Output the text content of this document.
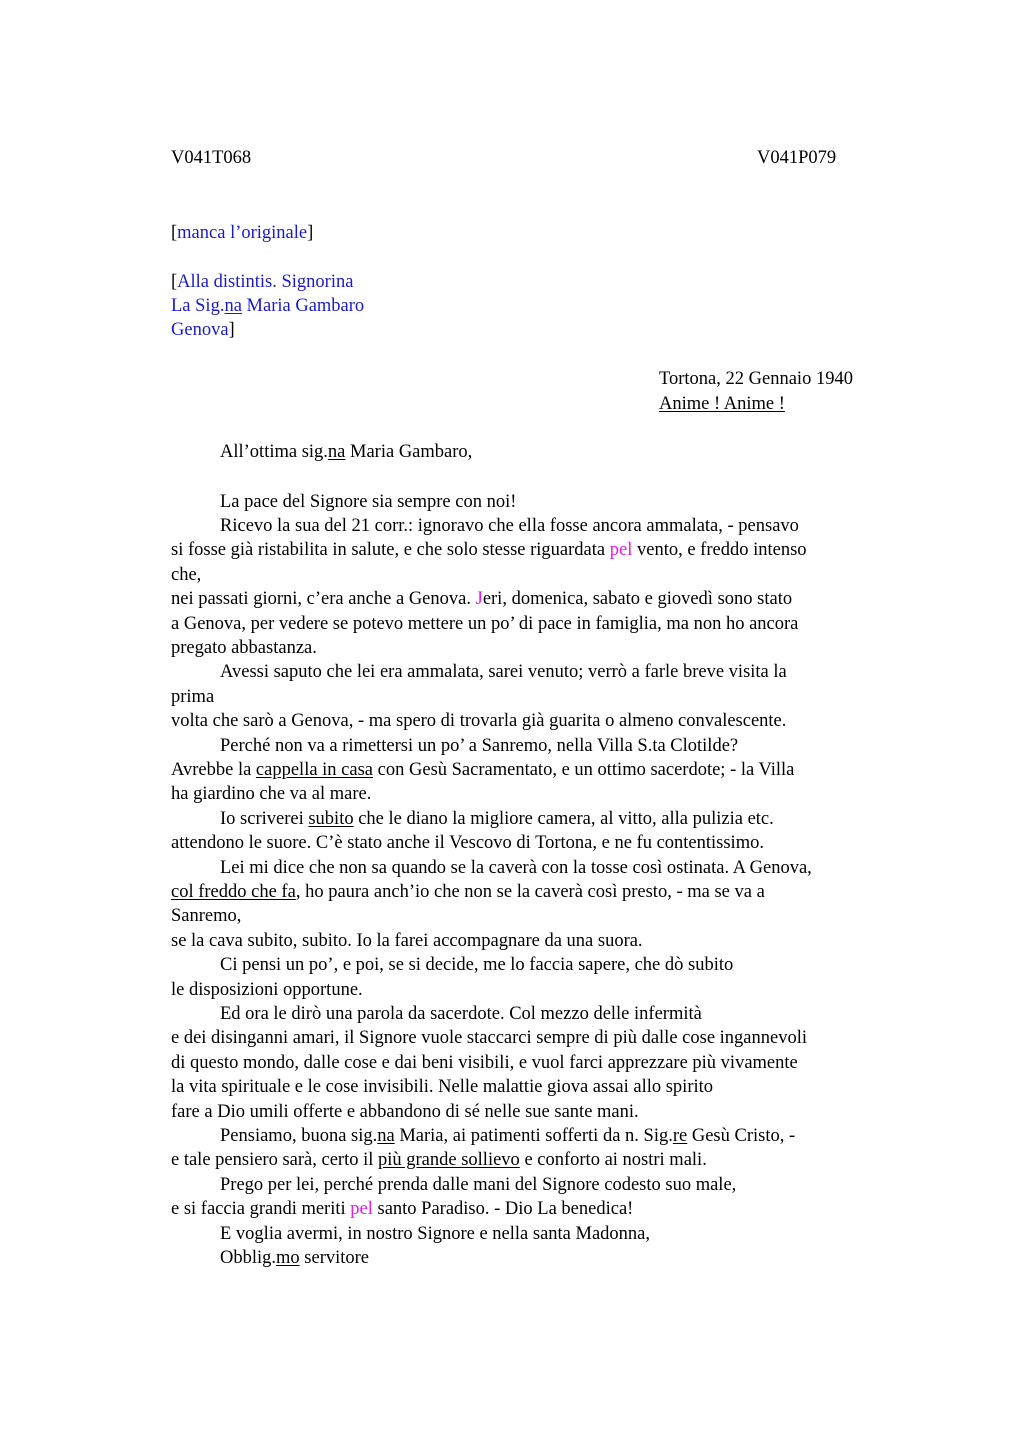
V041T068	V041P079
[manca l’originale]
[Alla distintis. Signorina
La Sig.na Maria Gambaro
Genova]
Tortona, 22 Gennaio 1940
Anime ! Anime !
All’ottima sig.na Maria Gambaro,
La pace del Signore sia sempre con noi!
Ricevo la sua del 21 corr.: ignoravo che ella fosse ancora ammalata, - pensavo
si fosse già ristabilita in salute, e che solo stesse riguardata pel vento, e freddo intenso
che,
nei passati giorni, c’era anche a Genova. Jeri, domenica, sabato e giovedì sono stato
a Genova, per vedere se potevo mettere un po’ di pace in famiglia, ma non ho ancora
pregato abbastanza.
Avessi saputo che lei era ammalata, sarei venuto; verrò a farle breve visita la
prima
volta che sarò a Genova, - ma spero di trovarla già guarita o almeno convalescente.
Perché non va a rimettersi un po’ a Sanremo, nella Villa S.ta Clotilde?
Avrebbe la cappella in casa con Gesù Sacramentato, e un ottimo sacerdote; - la Villa
ha giardino che va al mare.
Io scriverei subito che le diano la migliore camera, al vitto, alla pulizia etc.
attendono le suore. C’è stato anche il Vescovo di Tortona, e ne fu contentissimo.
Lei mi dice che non sa quando se la caverà con la tosse così ostinata. A Genova,
col freddo che fa, ho paura anch’io che non se la caverà così presto, - ma se va a
Sanremo,
se la cava subito, subito. Io la farei accompagnare da una suora.
Ci pensi un po’, e poi, se si decide, me lo faccia sapere, che dò subito
le disposizioni opportune.
Ed ora le dirò una parola da sacerdote. Col mezzo delle infermità
e dei disinganni amari, il Signore vuole staccarci sempre di più dalle cose ingannevoli
di questo mondo, dalle cose e dai beni visibili, e vuol farci apprezzare più vivamente
la vita spirituale e le cose invisibili. Nelle malattie giova assai allo spirito
fare a Dio umili offerte e abbandono di sé nelle sue sante mani.
Pensiamo, buona sig.na Maria, ai patimenti sofferti da n. Sig.re Gesù Cristo, -
e tale pensiero sarà, certo il più grande sollievo e conforto ai nostri mali.
Prego per lei, perché prenda dalle mani del Signore codesto suo male,
e si faccia grandi meriti pel santo Paradiso. - Dio La benedica!
E voglia avermi, in nostro Signore e nella santa Madonna,
Obblig.mo servitore
